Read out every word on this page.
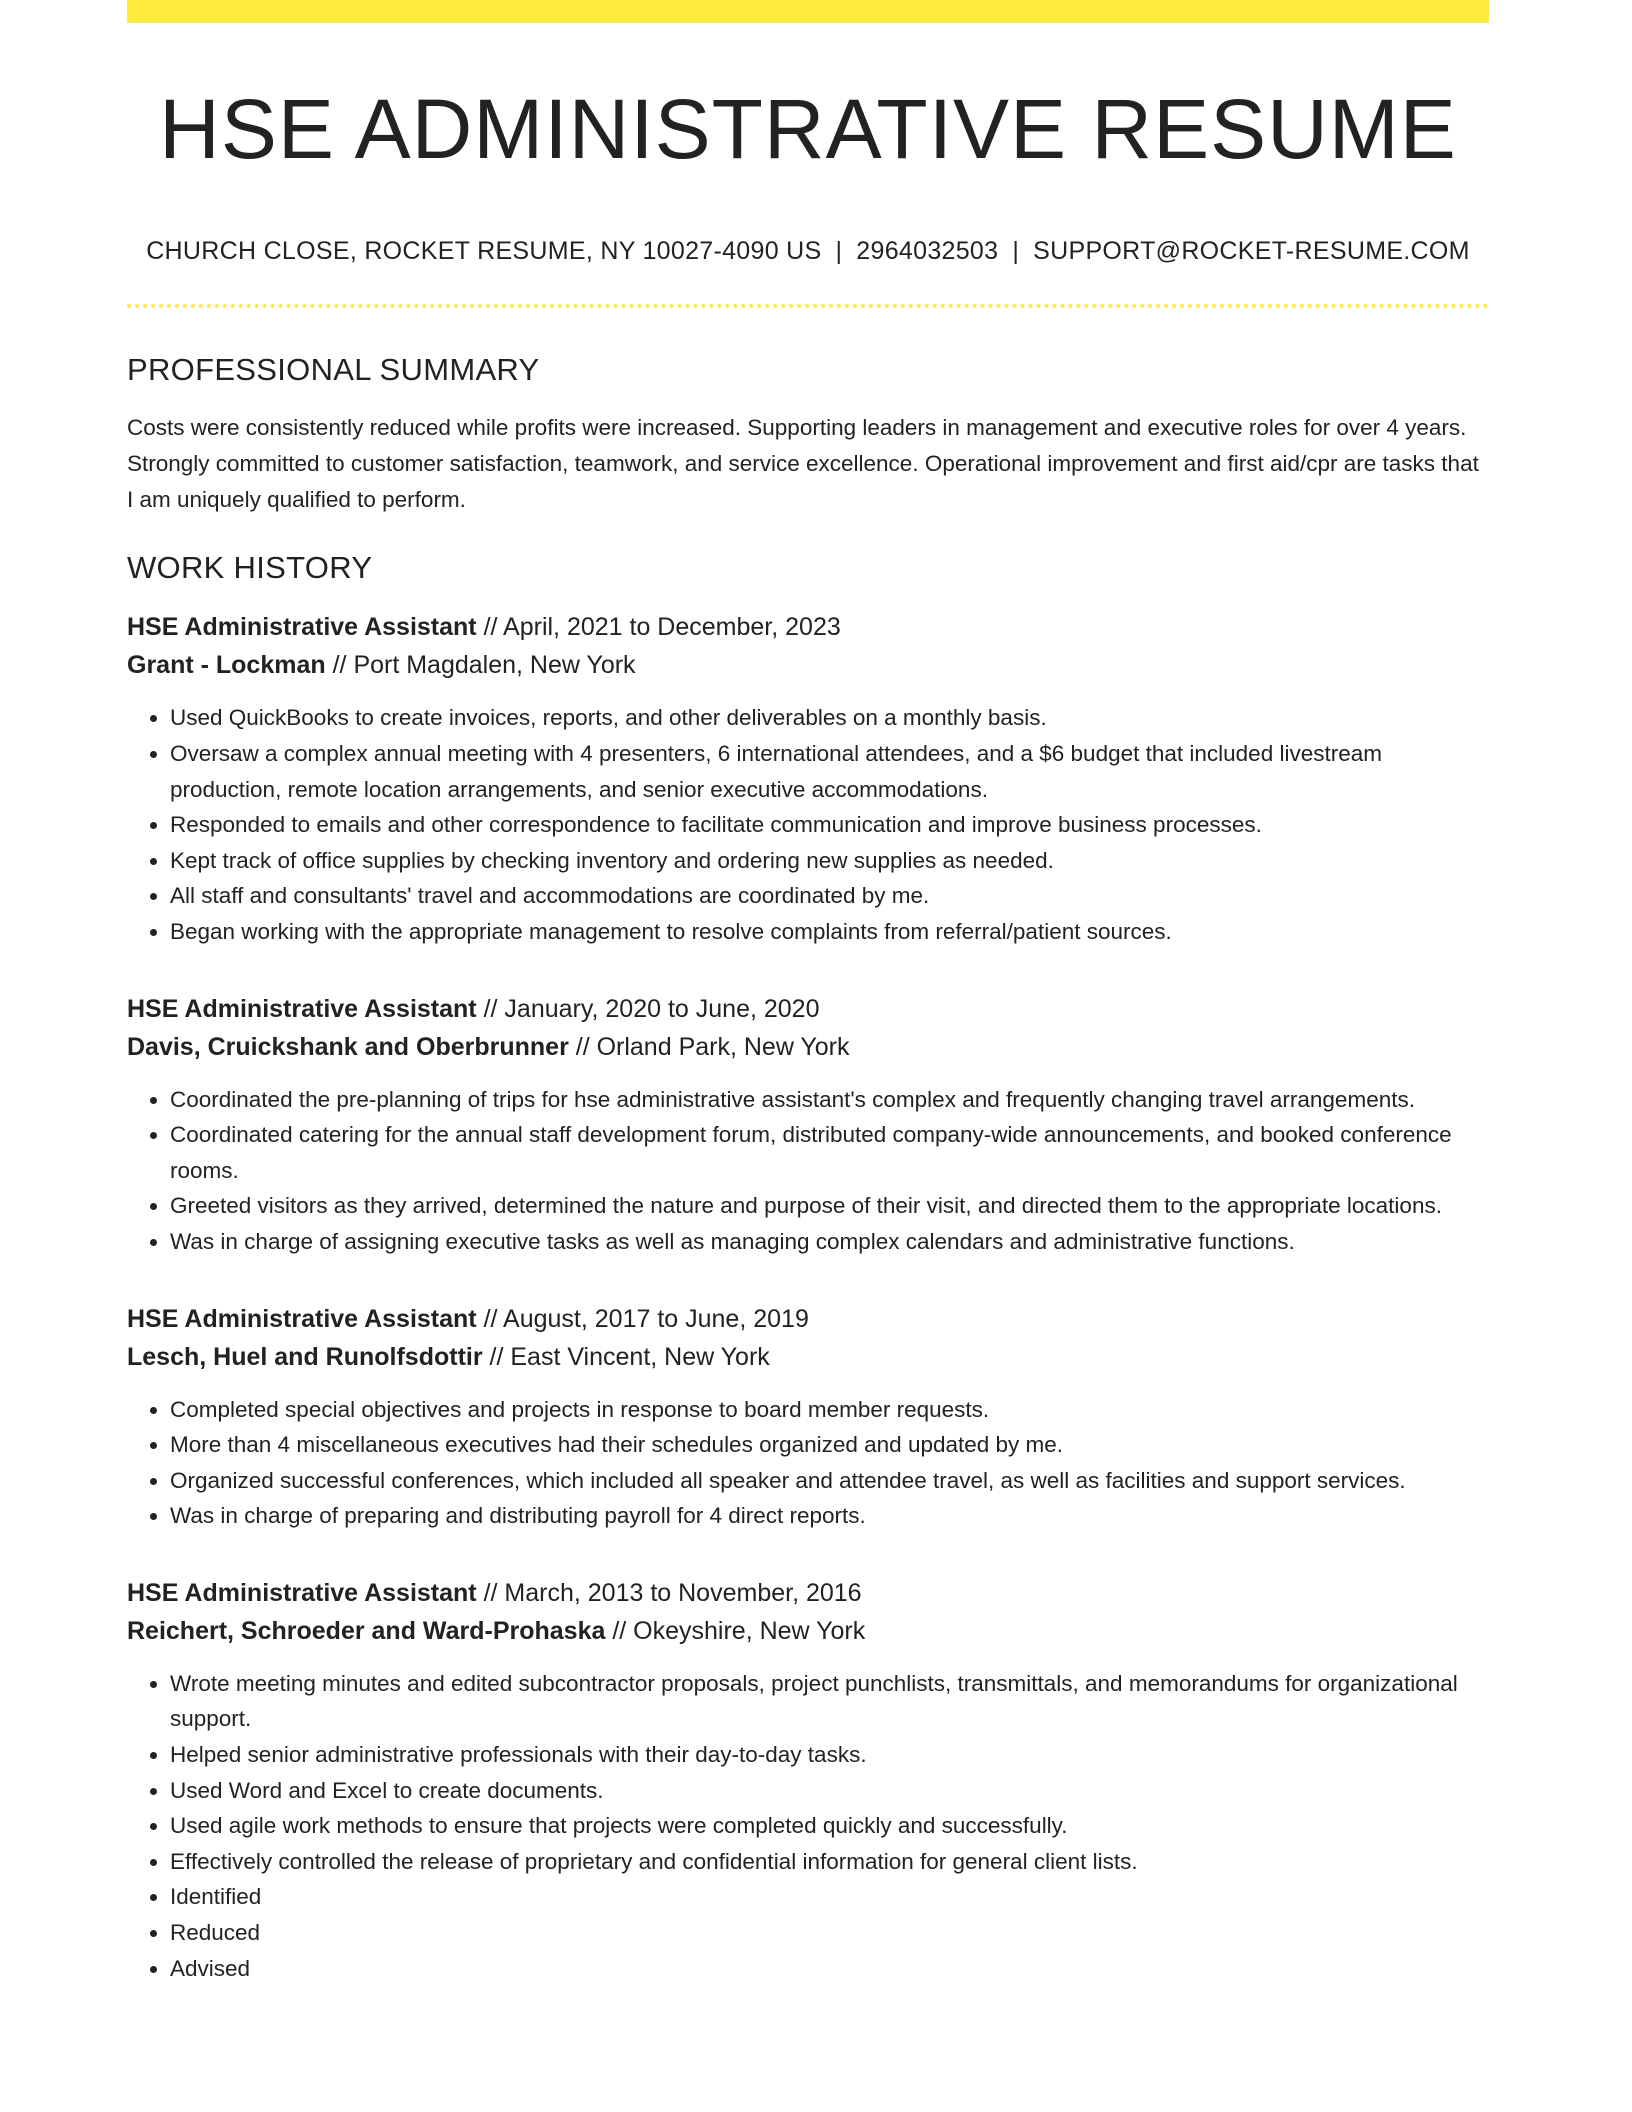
HSE ADMINISTRATIVE RESUME
CHURCH CLOSE, ROCKET RESUME, NY 10027-4090 US | 2964032503 | SUPPORT@ROCKET-RESUME.COM
PROFESSIONAL SUMMARY

Costs were consistently reduced while profits were increased. Supporting leaders in management and executive roles for over 4 years. Strongly committed to customer satisfaction, teamwork, and service excellence. Operational improvement and first aid/cpr are tasks that I am uniquely qualified to perform.

WORK HISTORY
HSE Administrative Assistant // April, 2021 to December, 2023
Grant - Lockman // Port Magdalen, New York
• Used QuickBooks to create invoices, reports, and other deliverables on a monthly basis.
• Oversaw a complex annual meeting with 4 presenters, 6 international attendees, and a $6 budget that included livestream production, remote location arrangements, and senior executive accommodations.
• Responded to emails and other correspondence to facilitate communication and improve business processes.
• Kept track of office supplies by checking inventory and ordering new supplies as needed.
• All staff and consultants' travel and accommodations are coordinated by me.
• Began working with the appropriate management to resolve complaints from referral/patient sources.
HSE Administrative Assistant // January, 2020 to June, 2020
Davis, Cruickshank and Oberbrunner // Orland Park, New York
• Coordinated the pre-planning of trips for hse administrative assistant's complex and frequently changing travel arrangements.
• Coordinated catering for the annual staff development forum, distributed company-wide announcements, and booked conference rooms.
• Greeted visitors as they arrived, determined the nature and purpose of their visit, and directed them to the appropriate locations.
• Was in charge of assigning executive tasks as well as managing complex calendars and administrative functions.
HSE Administrative Assistant // August, 2017 to June, 2019
Lesch, Huel and Runolfsdottir // East Vincent, New York
• Completed special objectives and projects in response to board member requests.
• More than 4 miscellaneous executives had their schedules organized and updated by me.
• Organized successful conferences, which included all speaker and attendee travel, as well as facilities and support services.
• Was in charge of preparing and distributing payroll for 4 direct reports.
HSE Administrative Assistant // March, 2013 to November, 2016
Reichert, Schroeder and Ward-Prohaska // Okeyshire, New York
• Wrote meeting minutes and edited subcontractor proposals, project punchlists, transmittals, and memorandums for organizational support.
• Helped senior administrative professionals with their day-to-day tasks.
• Used Word and Excel to create documents.
• Used agile work methods to ensure that projects were completed quickly and successfully.
• Effectively controlled the release of proprietary and confidential information for general client lists.
• Identified
• Reduced
• Advised
